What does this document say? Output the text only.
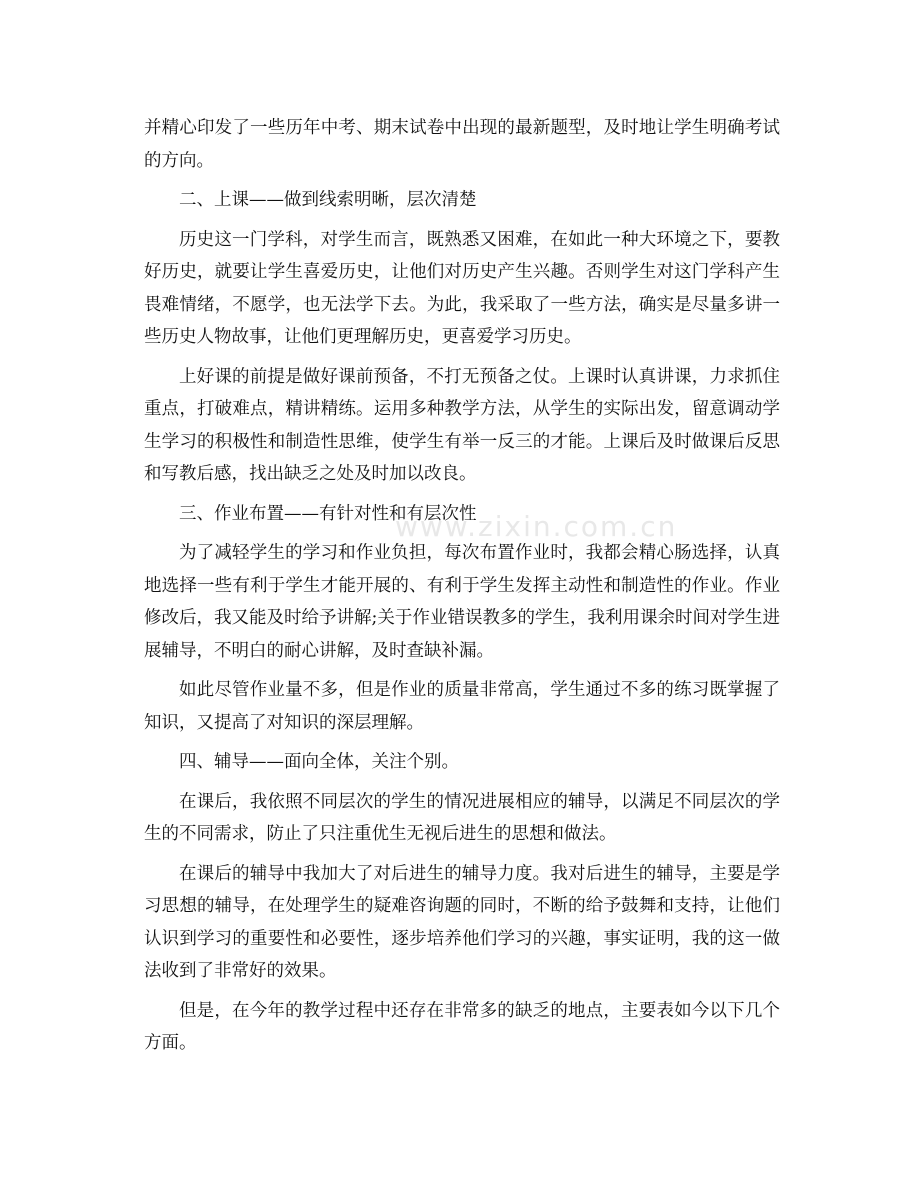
www.zixin.com.cn

并精心印发了一些历年中考、期末试卷中出现的最新题型，及时地让学生明确考试的方向。

二、上课——做到线索明晰，层次清楚

历史这一门学科，对学生而言，既熟悉又困难，在如此一种大环境之下，要教好历史，就要让学生喜爱历史，让他们对历史产生兴趣。否则学生对这门学科产生畏难情绪，不愿学，也无法学下去。为此，我采取了一些方法，确实是尽量多讲一些历史人物故事，让他们更理解历史，更喜爱学习历史。

上好课的前提是做好课前预备，不打无预备之仗。上课时认真讲课，力求抓住重点，打破难点，精讲精练。运用多种教学方法，从学生的实际出发，留意调动学生学习的积极性和制造性思维，使学生有举一反三的才能。上课后及时做课后反思和写教后感，找出缺乏之处及时加以改良。

三、作业布置——有针对性和有层次性

为了减轻学生的学习和作业负担，每次布置作业时，我都会精心肠选择，认真地选择一些有利于学生才能开展的、有利于学生发挥主动性和制造性的作业。作业修改后，我又能及时给予讲解;关于作业错误教多的学生，我利用课余时间对学生进展辅导，不明白的耐心讲解，及时查缺补漏。

如此尽管作业量不多，但是作业的质量非常高，学生通过不多的练习既掌握了知识，又提高了对知识的深层理解。

四、辅导——面向全体，关注个别。

在课后，我依照不同层次的学生的情况进展相应的辅导，以满足不同层次的学生的不同需求，防止了只注重优生无视后进生的思想和做法。

在课后的辅导中我加大了对后进生的辅导力度。我对后进生的辅导，主要是学习思想的辅导，在处理学生的疑难咨询题的同时，不断的给予鼓舞和支持，让他们认识到学习的重要性和必要性，逐步培养他们学习的兴趣，事实证明，我的这一做法收到了非常好的效果。

但是，在今年的教学过程中还存在非常多的缺乏的地点，主要表如今以下几个方面。
